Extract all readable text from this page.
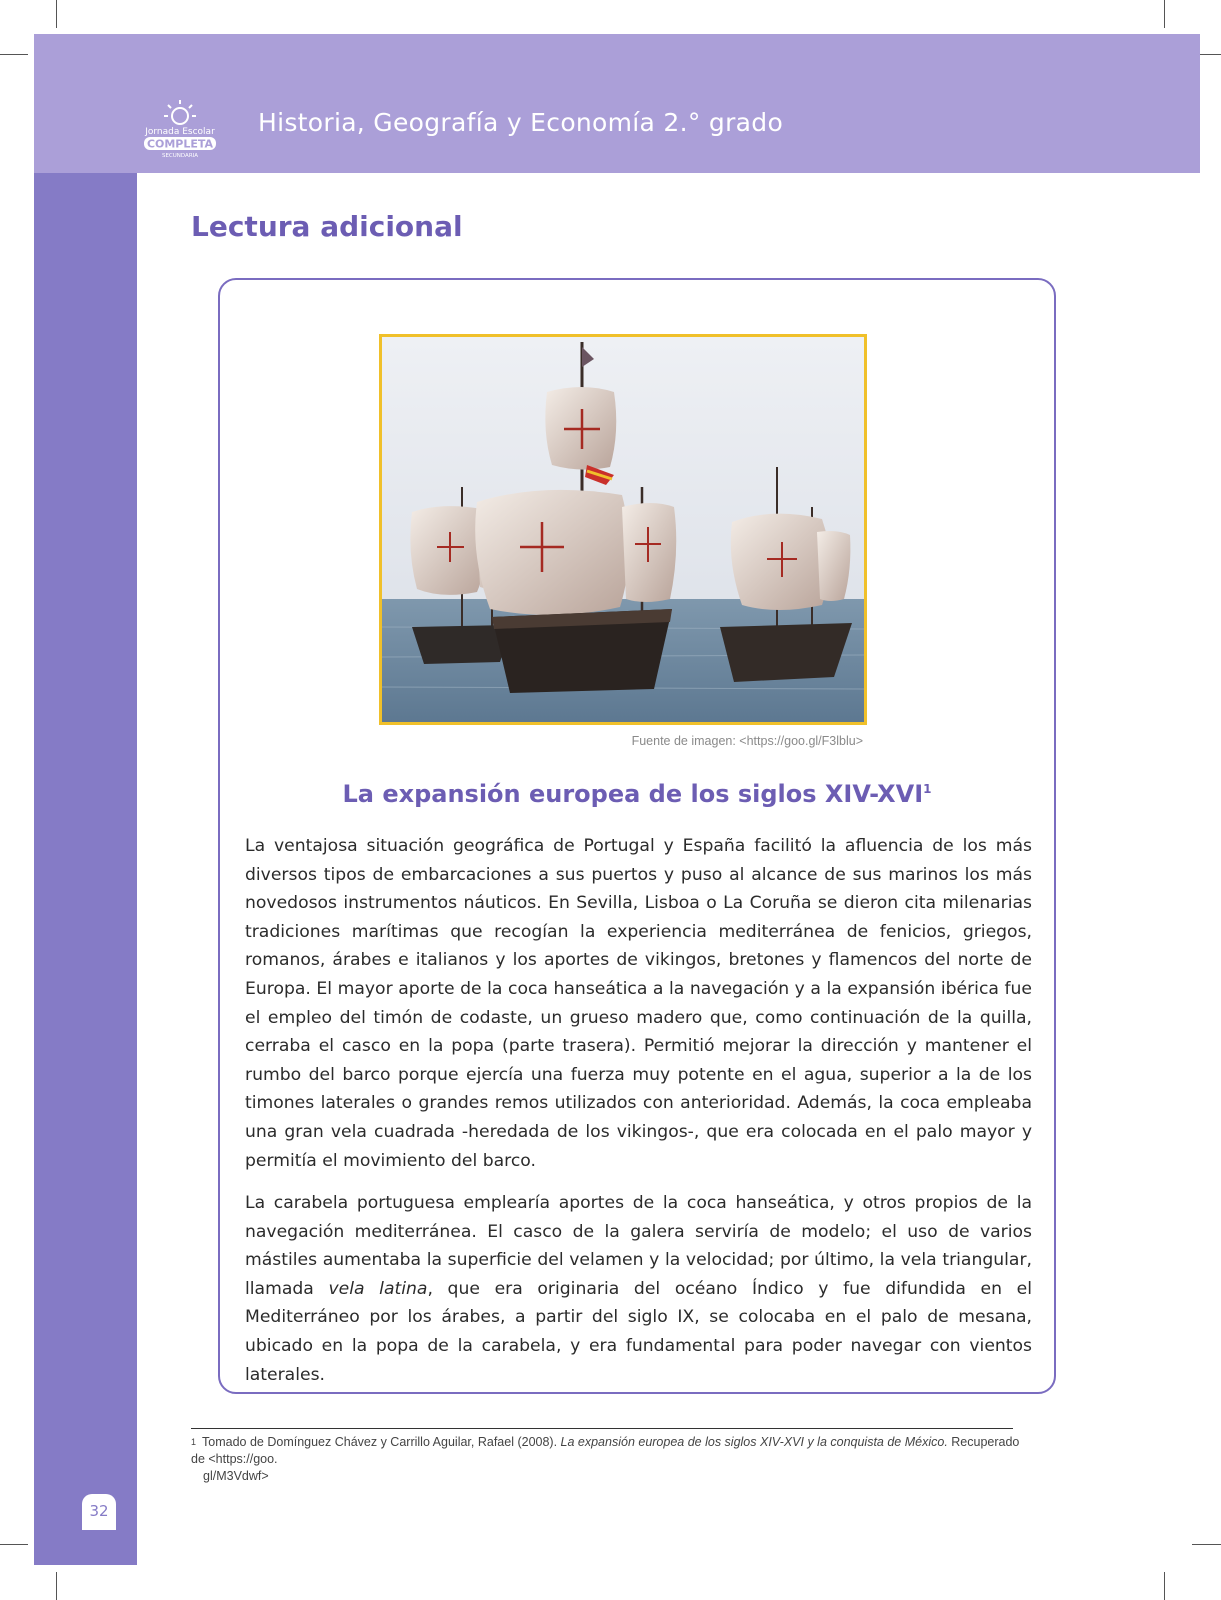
Jornada Escolar
COMPLETA
SECUNDARIA
Historia, Geografía y Economía 2.° grado
32
Lectura adicional
Fuente de imagen: <https://goo.gl/F3lblu>
La expansión europea de los siglos XIV-XVI$^1$

La ventajosa situación geográfica de Portugal y España facilitó la afluencia de los más diversos tipos de embarcaciones a sus puertos y puso al alcance de sus marinos los más novedosos instrumentos náuticos. En Sevilla, Lisboa o La Coruña se dieron cita milenarias tradiciones marítimas que recogían la experiencia mediterránea de fenicios, griegos, romanos, árabes e italianos y los aportes de vikingos, bretones y flamencos del norte de Europa. El mayor aporte de la coca hanseática a la navegación y a la expansión ibérica fue el empleo del timón de codaste, un grueso madero que, como continuación de la quilla, cerraba el casco en la popa (parte trasera). Permitió mejorar la dirección y mantener el rumbo del barco porque ejercía una fuerza muy potente en el agua, superior a la de los timones laterales o grandes remos utilizados con anterioridad. Además, la coca empleaba una gran vela cuadrada -heredada de los vikingos-, que era colocada en el palo mayor y permitía el movimiento del barco.

La carabela portuguesa emplearía aportes de la coca hanseática, y otros propios de la navegación mediterránea. El casco de la galera serviría de modelo; el uso de varios mástiles aumentaba la superficie del velamen y la velocidad; por último, la vela triangular, llamada vela latina, que era originaria del océano Índico y fue difundida en el Mediterráneo por los árabes, a partir del siglo IX, se colocaba en el palo de mesana, ubicado en la popa de la carabela, y era fundamental para poder navegar con vientos laterales.

$^1$ Tomado de Domínguez Chávez y Carrillo Aguilar, Rafael (2008). La expansión europea de los siglos XIV-XVI y la conquista de México. Recuperado de <https://goo.
gl/M3Vdwf>
